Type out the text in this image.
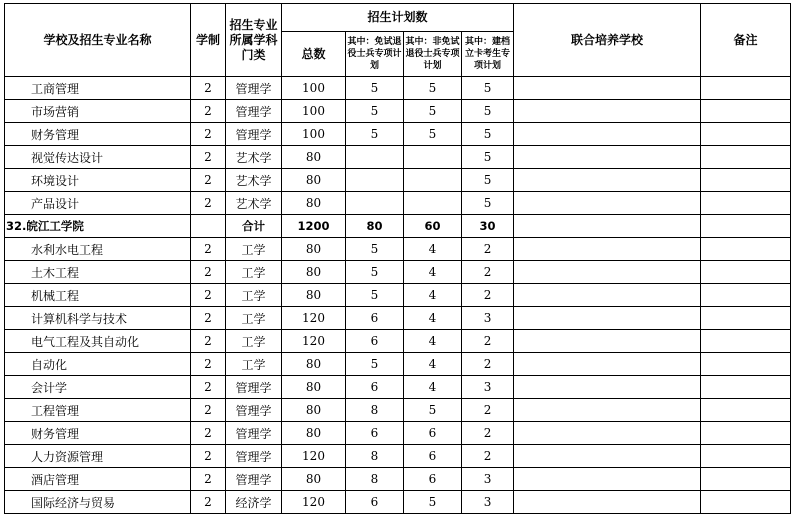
学校及招生专业名称	学制	招生专业所属学科门类	招生计划数				联合培养学校	备注
			总数	其中：免试退役士兵专项计划	其中：非免试退役士兵专项计划	其中：建档立卡考生专项计划		
工商管理	2	管理学	100	5	5	5		
市场营销	2	管理学	100	5	5	5		
财务管理	2	管理学	100	5	5	5		
视觉传达设计	2	艺术学	80			5		
环境设计	2	艺术学	80			5		
产品设计	2	艺术学	80			5		
32.皖江工学院		合计	1200	80	60	30		
水利水电工程	2	工学	80	5	4	2		
土木工程	2	工学	80	5	4	2		
机械工程	2	工学	80	5	4	2		
计算机科学与技术	2	工学	120	6	4	3		
电气工程及其自动化	2	工学	120	6	4	2		
自动化	2	工学	80	5	4	2		
会计学	2	管理学	80	6	4	3		
工程管理	2	管理学	80	8	5	2		
财务管理	2	管理学	80	6	6	2		
人力资源管理	2	管理学	120	8	6	2		
酒店管理	2	管理学	80	8	6	3		
国际经济与贸易	2	经济学	120	6	5	3		
